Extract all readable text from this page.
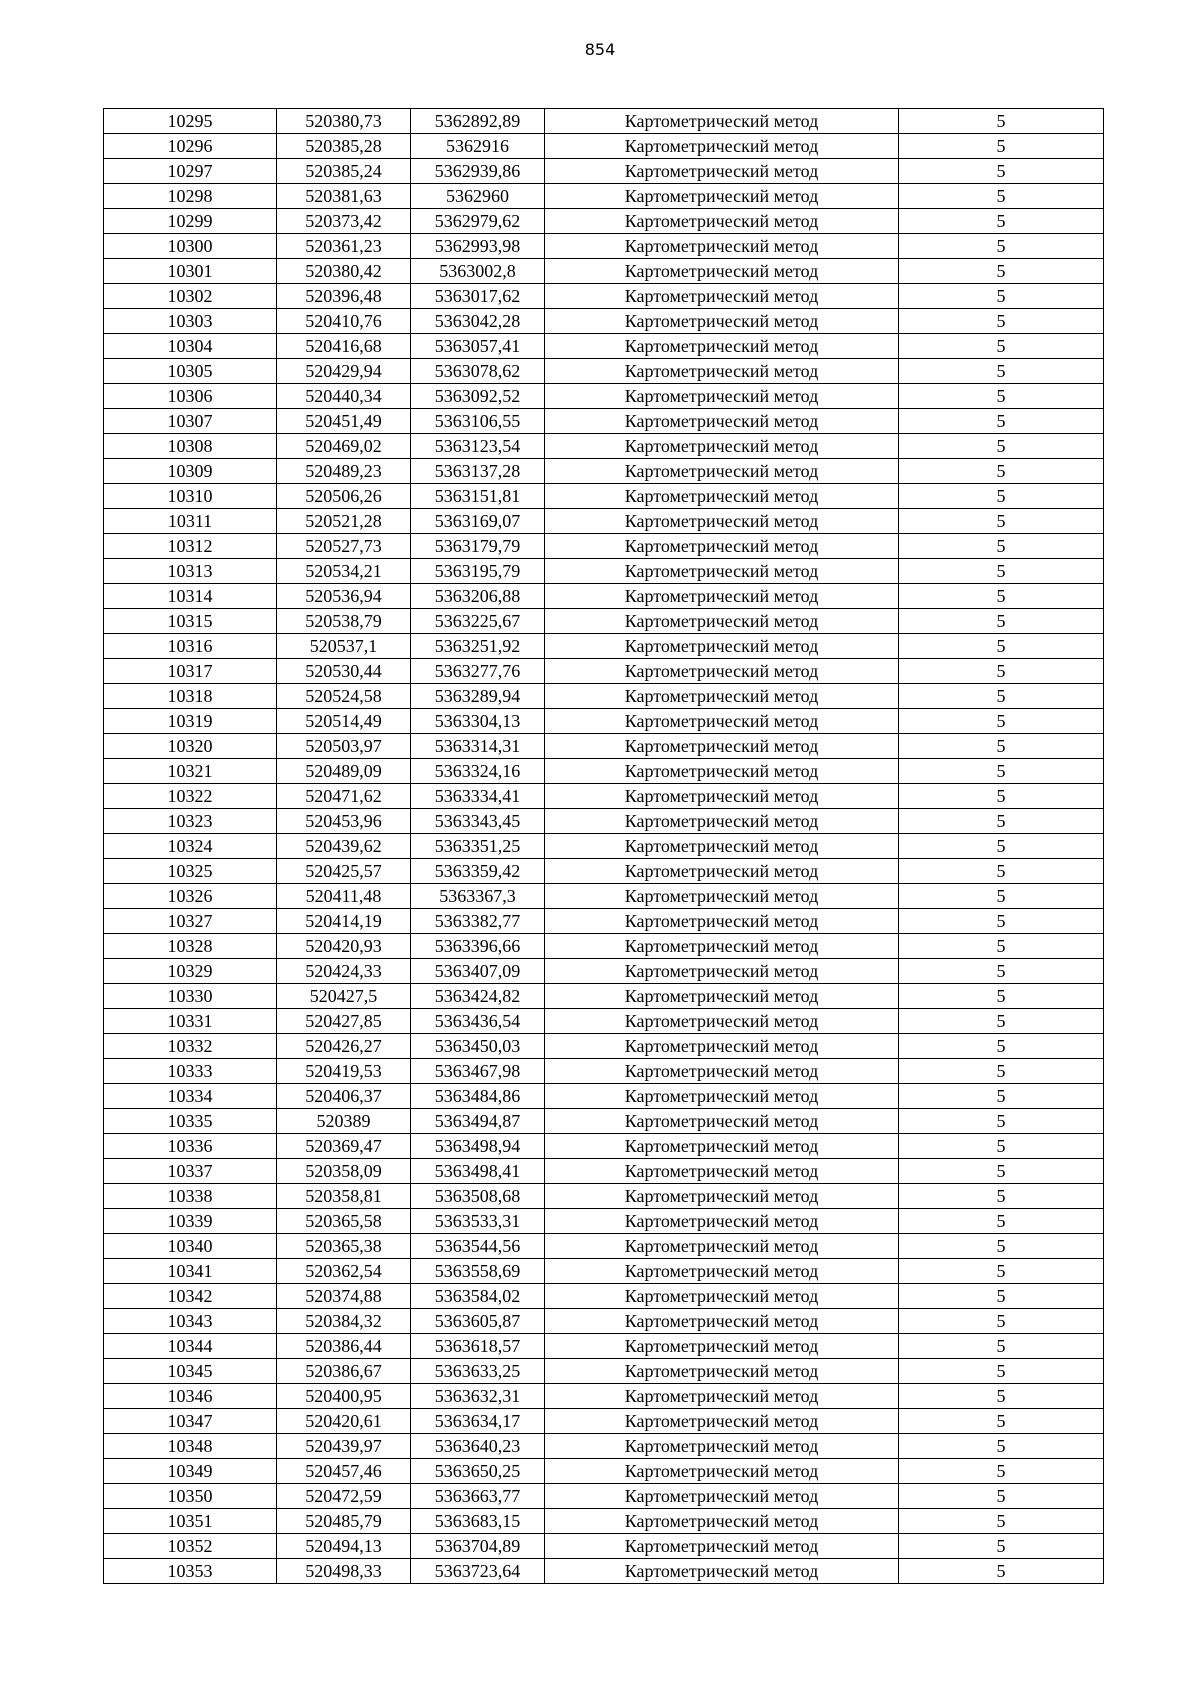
854
10295	520380,73	5362892,89	Картометрический метод	5
10296	520385,28	5362916	Картометрический метод	5
10297	520385,24	5362939,86	Картометрический метод	5
10298	520381,63	5362960	Картометрический метод	5
10299	520373,42	5362979,62	Картометрический метод	5
10300	520361,23	5362993,98	Картометрический метод	5
10301	520380,42	5363002,8	Картометрический метод	5
10302	520396,48	5363017,62	Картометрический метод	5
10303	520410,76	5363042,28	Картометрический метод	5
10304	520416,68	5363057,41	Картометрический метод	5
10305	520429,94	5363078,62	Картометрический метод	5
10306	520440,34	5363092,52	Картометрический метод	5
10307	520451,49	5363106,55	Картометрический метод	5
10308	520469,02	5363123,54	Картометрический метод	5
10309	520489,23	5363137,28	Картометрический метод	5
10310	520506,26	5363151,81	Картометрический метод	5
10311	520521,28	5363169,07	Картометрический метод	5
10312	520527,73	5363179,79	Картометрический метод	5
10313	520534,21	5363195,79	Картометрический метод	5
10314	520536,94	5363206,88	Картометрический метод	5
10315	520538,79	5363225,67	Картометрический метод	5
10316	520537,1	5363251,92	Картометрический метод	5
10317	520530,44	5363277,76	Картометрический метод	5
10318	520524,58	5363289,94	Картометрический метод	5
10319	520514,49	5363304,13	Картометрический метод	5
10320	520503,97	5363314,31	Картометрический метод	5
10321	520489,09	5363324,16	Картометрический метод	5
10322	520471,62	5363334,41	Картометрический метод	5
10323	520453,96	5363343,45	Картометрический метод	5
10324	520439,62	5363351,25	Картометрический метод	5
10325	520425,57	5363359,42	Картометрический метод	5
10326	520411,48	5363367,3	Картометрический метод	5
10327	520414,19	5363382,77	Картометрический метод	5
10328	520420,93	5363396,66	Картометрический метод	5
10329	520424,33	5363407,09	Картометрический метод	5
10330	520427,5	5363424,82	Картометрический метод	5
10331	520427,85	5363436,54	Картометрический метод	5
10332	520426,27	5363450,03	Картометрический метод	5
10333	520419,53	5363467,98	Картометрический метод	5
10334	520406,37	5363484,86	Картометрический метод	5
10335	520389	5363494,87	Картометрический метод	5
10336	520369,47	5363498,94	Картометрический метод	5
10337	520358,09	5363498,41	Картометрический метод	5
10338	520358,81	5363508,68	Картометрический метод	5
10339	520365,58	5363533,31	Картометрический метод	5
10340	520365,38	5363544,56	Картометрический метод	5
10341	520362,54	5363558,69	Картометрический метод	5
10342	520374,88	5363584,02	Картометрический метод	5
10343	520384,32	5363605,87	Картометрический метод	5
10344	520386,44	5363618,57	Картометрический метод	5
10345	520386,67	5363633,25	Картометрический метод	5
10346	520400,95	5363632,31	Картометрический метод	5
10347	520420,61	5363634,17	Картометрический метод	5
10348	520439,97	5363640,23	Картометрический метод	5
10349	520457,46	5363650,25	Картометрический метод	5
10350	520472,59	5363663,77	Картометрический метод	5
10351	520485,79	5363683,15	Картометрический метод	5
10352	520494,13	5363704,89	Картометрический метод	5
10353	520498,33	5363723,64	Картометрический метод	5
